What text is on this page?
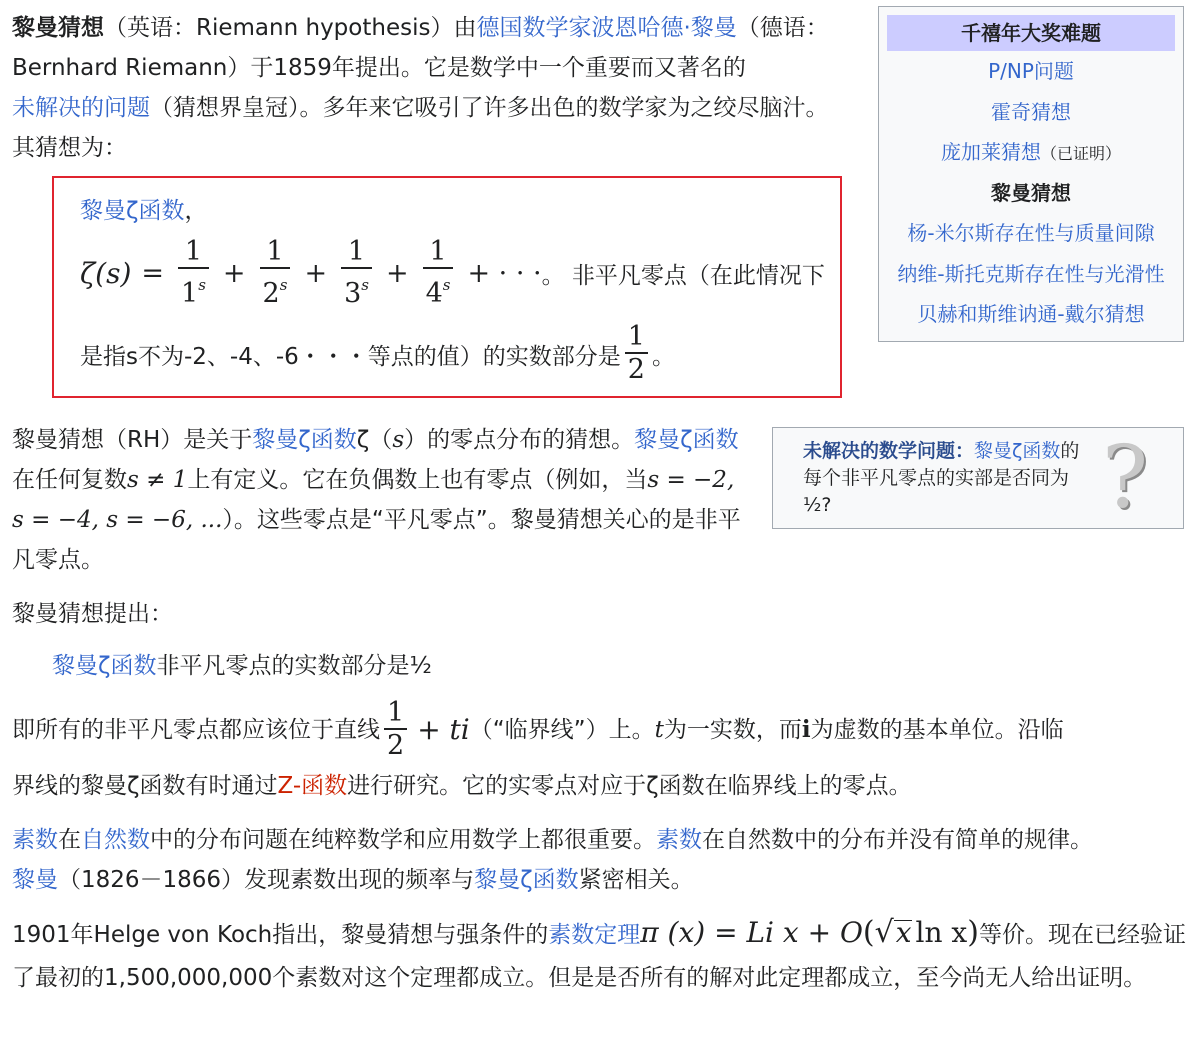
黎曼猜想（英语：Riemann hypothesis）由德国数学家波恩哈德·黎曼（德语：Bernhard Riemann）于1859年提出。它是数学中一个重要而又著名的
未解决的问题（猜想界皇冠）。多年来它吸引了许多出色的数学家为之绞尽脑汁。其猜想为：

黎曼ζ函数，
$\zeta(s) = \frac{1}{1^s} + \frac{1}{2^s} + \frac{1}{3^s} + \frac{1}{4^s}$ + · · · 。 非平凡零点（在此情况下
是指s不为-2、-4、-6・・・等点的值）的实数部分是 $\frac{1}{2}$ 。
千禧年大奖难题
P/NP问题
霍奇猜想
庞加莱猜想（已证明）
黎曼猜想
杨-米尔斯存在性与质量间隙
纳维-斯托克斯存在性与光滑性
贝赫和斯维讷通-戴尔猜想

黎曼猜想（RH）是关于黎曼ζ函数ζ（s）的零点分布的猜想。黎曼ζ函数在任何复数s ≠ 1上有定义。它在负偶数上也有零点（例如，当s = −2, s = −4, s = −6, ...）。这些零点是“平凡零点”。黎曼猜想关心的是非平凡零点。

未解决的数学问题：黎曼ζ函数的每个非平凡零点的实部是否同为½?	?

黎曼猜想提出：

黎曼ζ函数非平凡零点的实数部分是½

即所有的非平凡零点都应该位于直线 $\frac{1}{2}$ + ti （“临界线”）上。 t 为一实数，而 i 为虚数的基本单位。沿临
界线的黎曼ζ函数有时通过Z-函数进行研究。它的实零点对应于ζ函数在临界线上的零点。

素数在自然数中的分布问题在纯粹数学和应用数学上都很重要。素数在自然数中的分布并没有简单的规律。
黎曼（1826－1866）发现素数出现的频率与黎曼ζ函数紧密相关。

1901年Helge von Koch指出，黎曼猜想与强条件的素数定理π (x) = Li x + O(√x ln x)等价。现在已经验证了最初的1,500,000,000个素数对这个定理都成立。但是是否所有的解对此定理都成立，至今尚无人给出证明。
